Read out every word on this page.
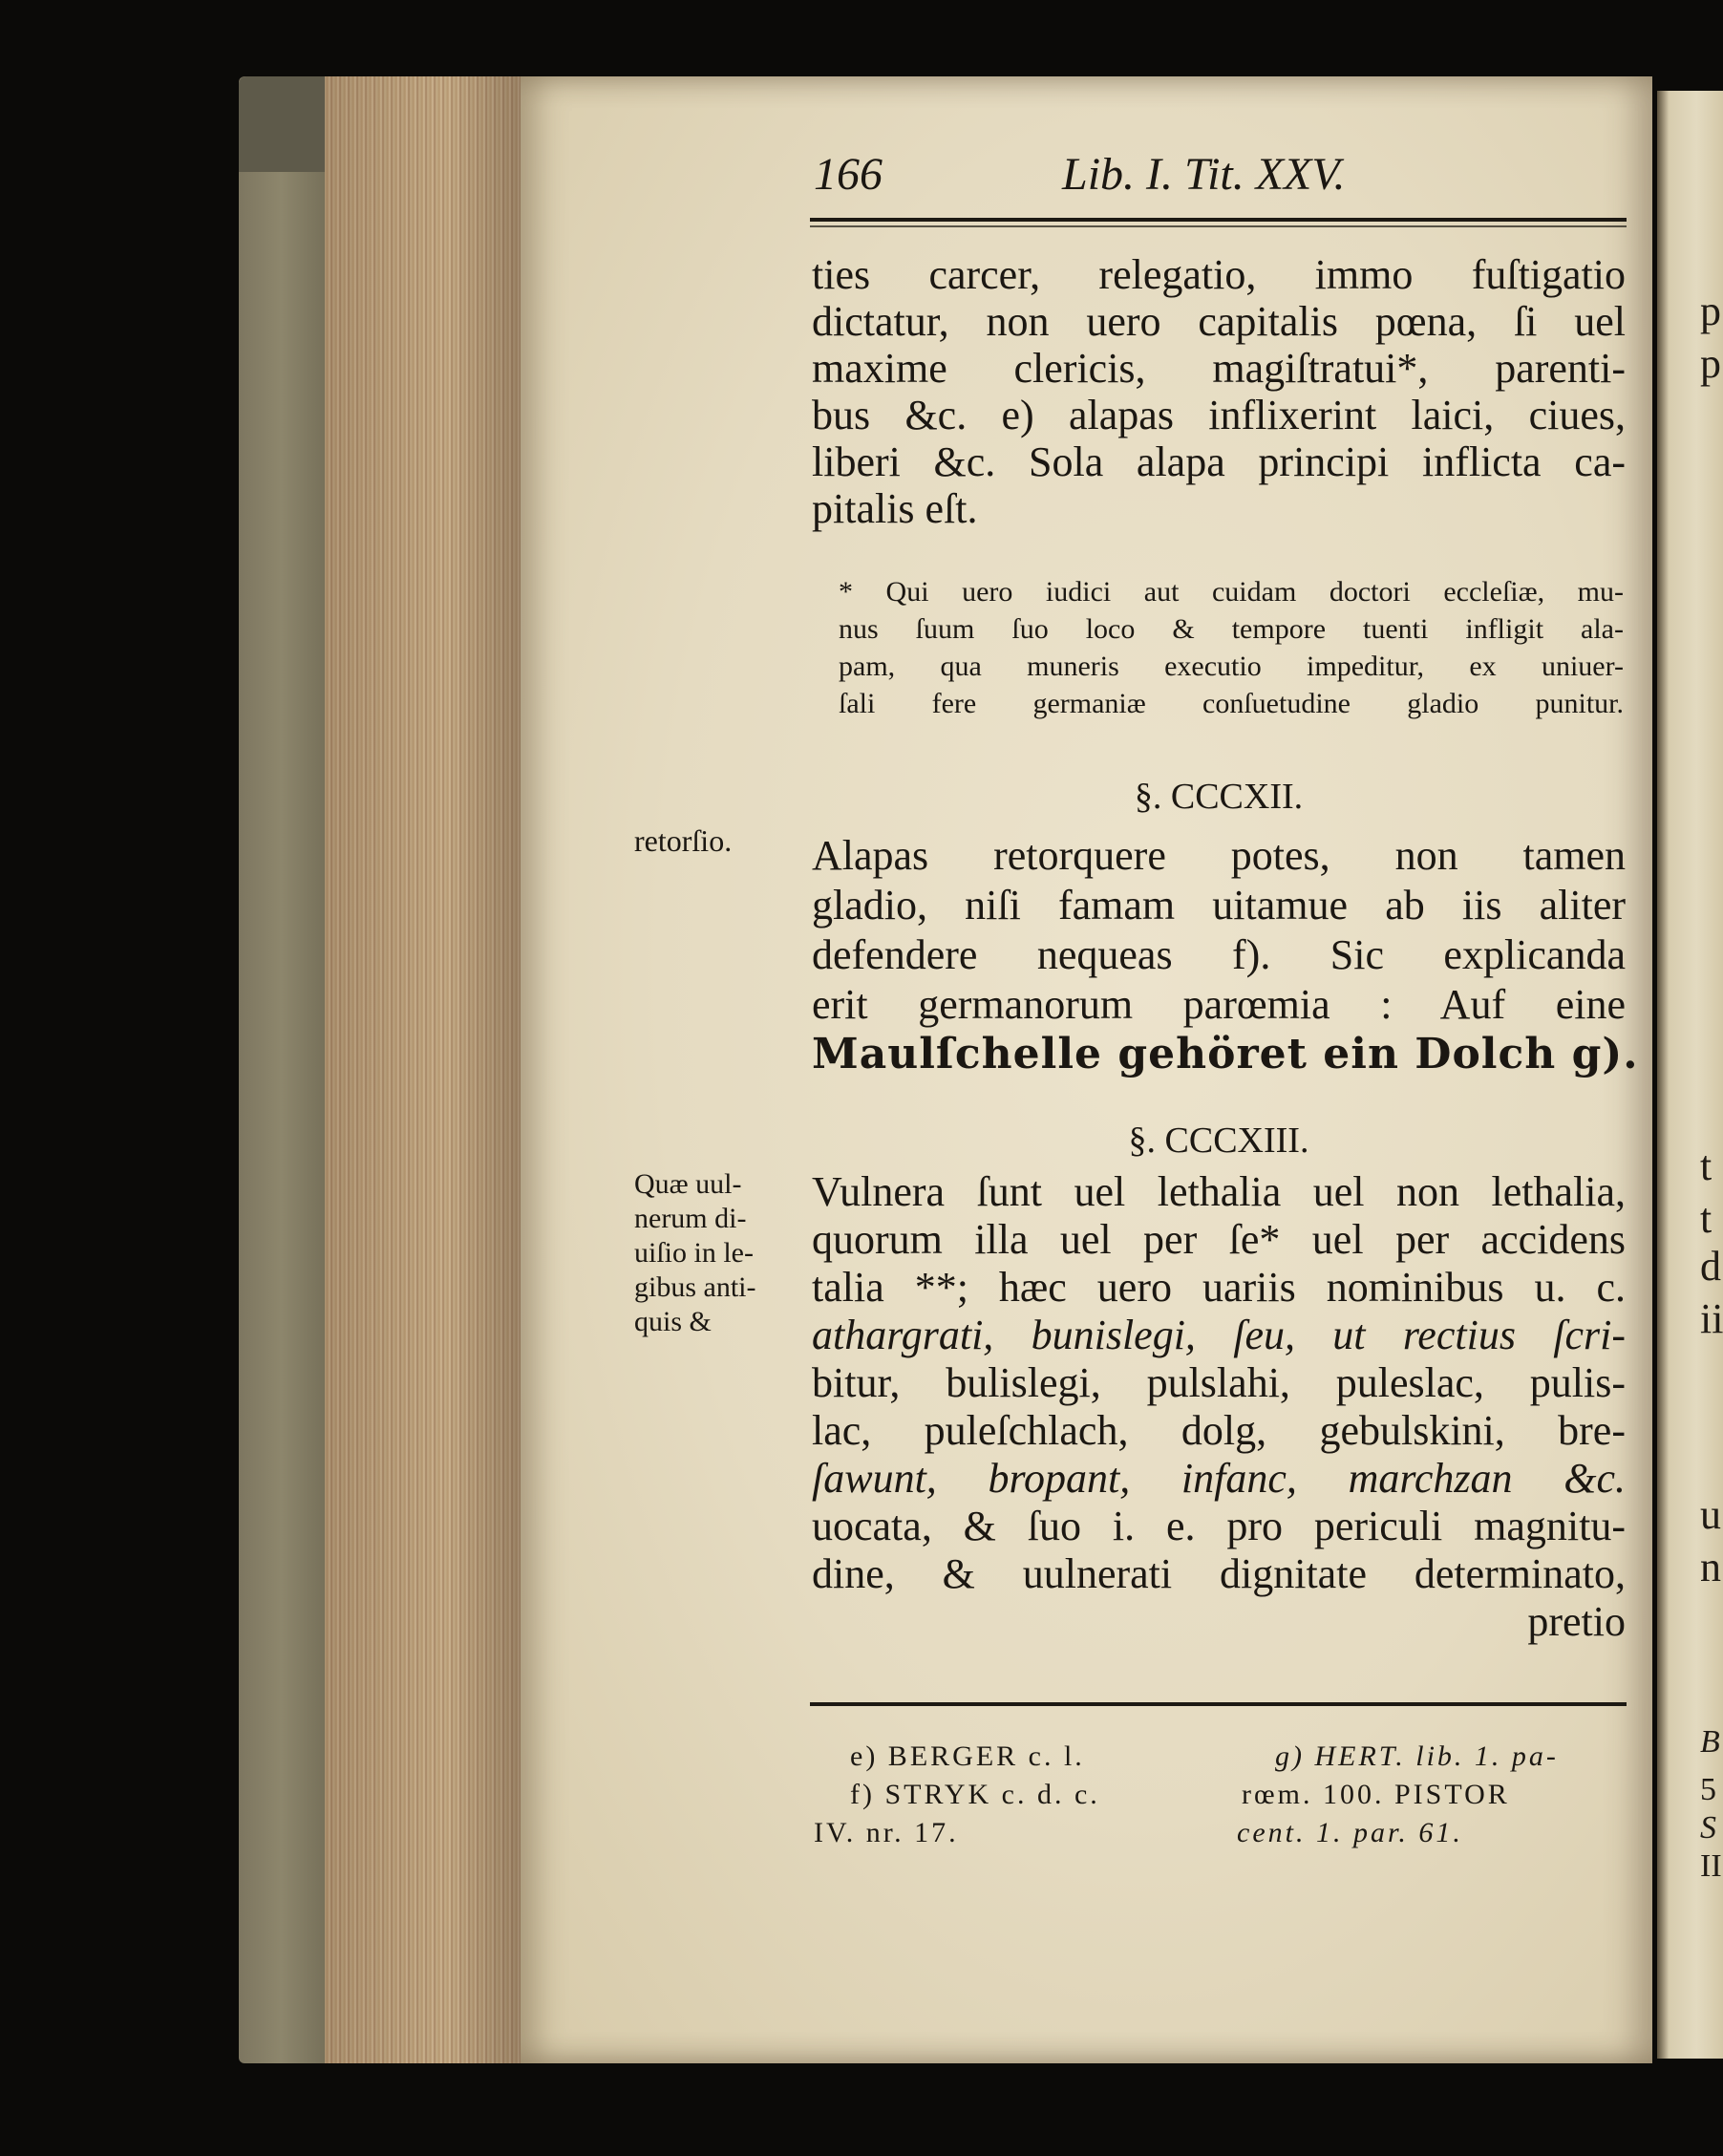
p
p
t
t
d
ii
u
n
B
5
S
II
166	Lib. I. Tit. XXV.
ties carcer, relegatio, immo fuſtigatio
dictatur, non uero capitalis pœna, ſi uel
maxime clericis, magiſtratui*, parenti-
bus &c. e) alapas inflixerint laici, ciues,
liberi &c. Sola alapa principi inflicta ca-
pitalis eſt.
* Qui uero iudici aut cuidam doctori eccleſiæ, mu-
nus ſuum ſuo loco & tempore tuenti infligit ala-
pam, qua muneris executio impeditur, ex uniuer-
ſali fere germaniæ conſuetudine gladio punitur.
§. CCCXII.
retorſio. Alapas retorquere potes, non tamen
gladio, niſi famam uitamue ab iis aliter
defendere nequeas f). Sic explicanda
erit germanorum parœmia : Auf eine
Maulſchelle gehöret ein Dolch g).
§. CCCXIII.
Quæ uul-
nerum di-
uiſio in le-
gibus anti-
quis &
Vulnera ſunt uel lethalia uel non lethalia,
quorum illa uel per ſe* uel per accidens
talia **; hæc uero uariis nominibus u. c.
athargrati, bunislegi, ſeu, ut rectius ſcri-
bitur, bulislegi, pulslahi, puleslac, pulis-
lac, puleſchlach, dolg, gebulskini, bre-
ſawunt, bropant, infanc, marchzan &c.
uocata, & ſuo i. e. pro periculi magnitu-
dine, & uulnerati dignitate determinato,
pretio
e) BERGER c. l.
f) STRYK c. d. c.
IV. nr. 17.
g) HERT. lib. 1. pa-
rœm. 100. PISTOR
cent. 1. par. 61.
